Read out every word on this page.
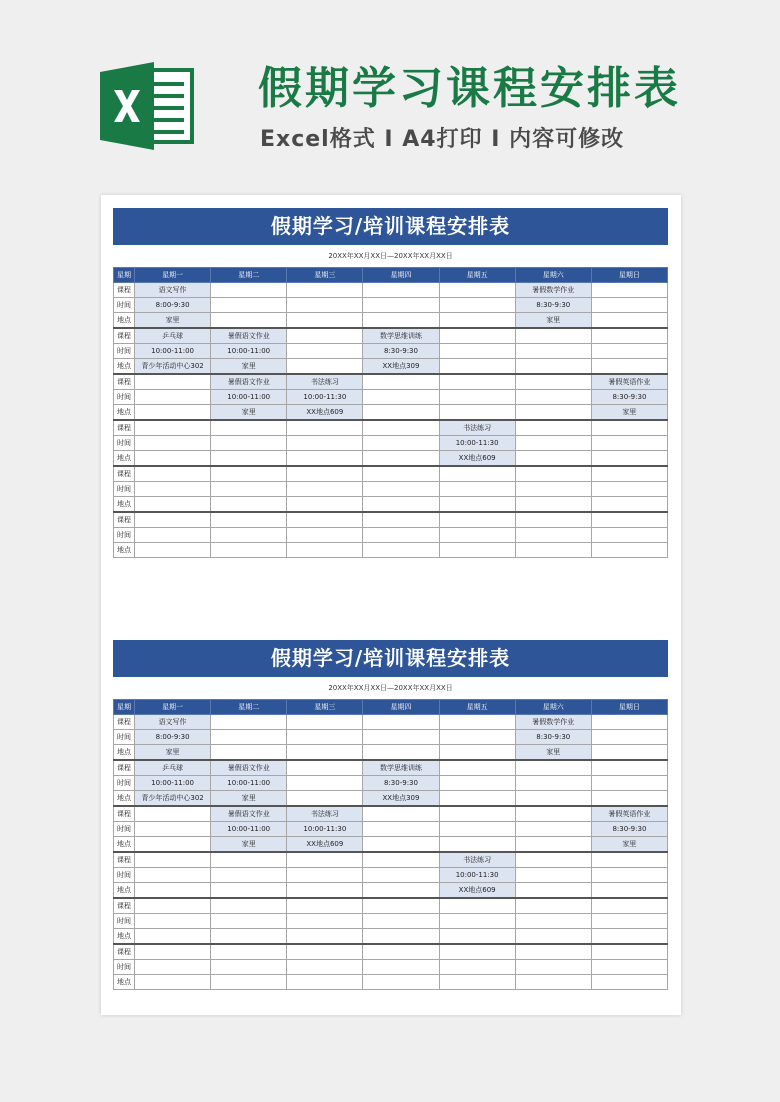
假期学习课程安排表

Excel格式 I A4打印 I 内容可修改

假期学习/培训课程安排表
20XX年XX月XX日—20XX年XX月XX日
星期	星期一	星期二	星期三	星期四	星期五	星期六	星期日
课程	语文写作					暑假数学作业	
时间	8:00-9:30					8:30-9:30	
地点	家里					家里	
课程	乒乓球	暑假语文作业		数学思维训练			
时间	10:00-11:00	10:00-11:00		8:30-9:30			
地点	青少年活动中心302	家里		XX地点309			
课程		暑假语文作业	书法练习				暑假英语作业
时间		10:00-11:00	10:00-11:30				8:30-9:30
地点		家里	XX地点609				家里
课程					书法练习		
时间					10:00-11:30		
地点					XX地点609		
课程							
时间							
地点							
课程							
时间							
地点							
假期学习/培训课程安排表
20XX年XX月XX日—20XX年XX月XX日
星期	星期一	星期二	星期三	星期四	星期五	星期六	星期日
课程	语文写作					暑假数学作业	
时间	8:00-9:30					8:30-9:30	
地点	家里					家里	
课程	乒乓球	暑假语文作业		数学思维训练			
时间	10:00-11:00	10:00-11:00		8:30-9:30			
地点	青少年活动中心302	家里		XX地点309			
课程		暑假语文作业	书法练习				暑假英语作业
时间		10:00-11:00	10:00-11:30				8:30-9:30
地点		家里	XX地点609				家里
课程					书法练习		
时间					10:00-11:30		
地点					XX地点609		
课程							
时间							
地点							
课程							
时间							
地点							
